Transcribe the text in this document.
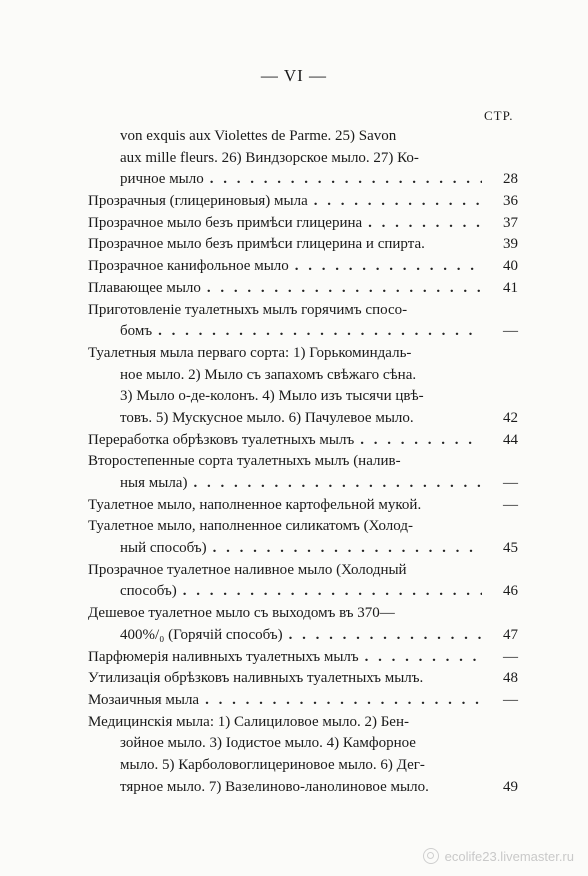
— VI —
СТР.
von exquis aux Violettes de Parme. 25) Savon
aux mille fleurs. 26) Виндзорское мыло. 27) Ко-
ричное мыло . . .	28
Прозрачныя (глицериновыя) мыла . . .	36
Прозрачное мыло безъ примѣси глицерина . . .	37
Прозрачное мыло безъ примѣси глицерина и спирта.	39
Прозрачное канифольное мыло . . .	40
Плавающее мыло . . .	41
Приготовленіе туалетныхъ мылъ горячимъ спосо-
бомъ . . .	—
Туалетныя мыла перваго сорта: 1) Горькоминдаль-
ное мыло. 2) Мыло съ запахомъ свѣжаго сѣна.
3) Мыло о-де-колонъ. 4) Мыло изъ тысячи цвѣ-
товъ. 5) Мускусное мыло. 6) Пачулевое мыло.	42
Переработка обрѣзковъ туалетныхъ мылъ . . .	44
Второстепенные сорта туалетныхъ мылъ (налив-
ныя мыла) . . .	—
Туалетное мыло, наполненное картофельной мукой.	—
Туалетное мыло, наполненное силикатомъ (Холод-
ный способъ) . . .	45
Прозрачное туалетное наливное мыло (Холодный
способъ) . . .	46
Дешевое туалетное мыло съ выходомъ въ 370—
400%/₀ (Горячій способъ) . . .	47
Парфюмерія наливныхъ туалетныхъ мылъ . . .	—
Утилизація обрѣзковъ наливныхъ туалетныхъ мылъ.	48
Мозаичныя мыла . . .	—
Медицинскія мыла: 1) Салициловое мыло. 2) Бен-
зойное мыло. 3) Іодистое мыло. 4) Камфорное
мыло. 5) Карболовоглицериновое мыло. 6) Дег-
тярное мыло. 7) Вазелиново-ланолиновое мыло.	49
ecolife23.livemaster.ru
